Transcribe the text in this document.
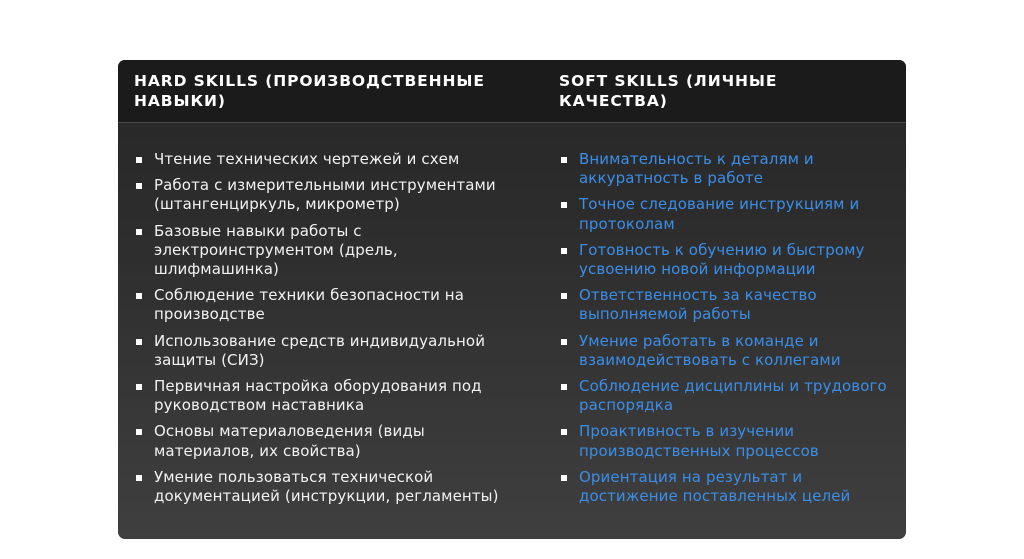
HARD SKILLS (ПРОИЗВОДСТВЕННЫЕ НАВЫКИ)
SOFT SKILLS (ЛИЧНЫЕ КАЧЕСТВА)
Чтение технических чертежей и схем
Работа с измерительными инструментами (штангенциркуль, микрометр)
Базовые навыки работы с электроинструментом (дрель, шлифмашинка)
Соблюдение техники безопасности на производстве
Использование средств индивидуальной защиты (СИЗ)
Первичная настройка оборудования под руководством наставника
Основы материаловедения (виды материалов, их свойства)
Умение пользоваться технической документацией (инструкции, регламенты)
Внимательность к деталям и аккуратность в работе
Точное следование инструкциям и протоколам
Готовность к обучению и быстрому усвоению новой информации
Ответственность за качество выполняемой работы
Умение работать в команде и взаимодействовать с коллегами
Соблюдение дисциплины и трудового распорядка
Проактивность в изучении производственных процессов
Ориентация на результат и достижение поставленных целей
